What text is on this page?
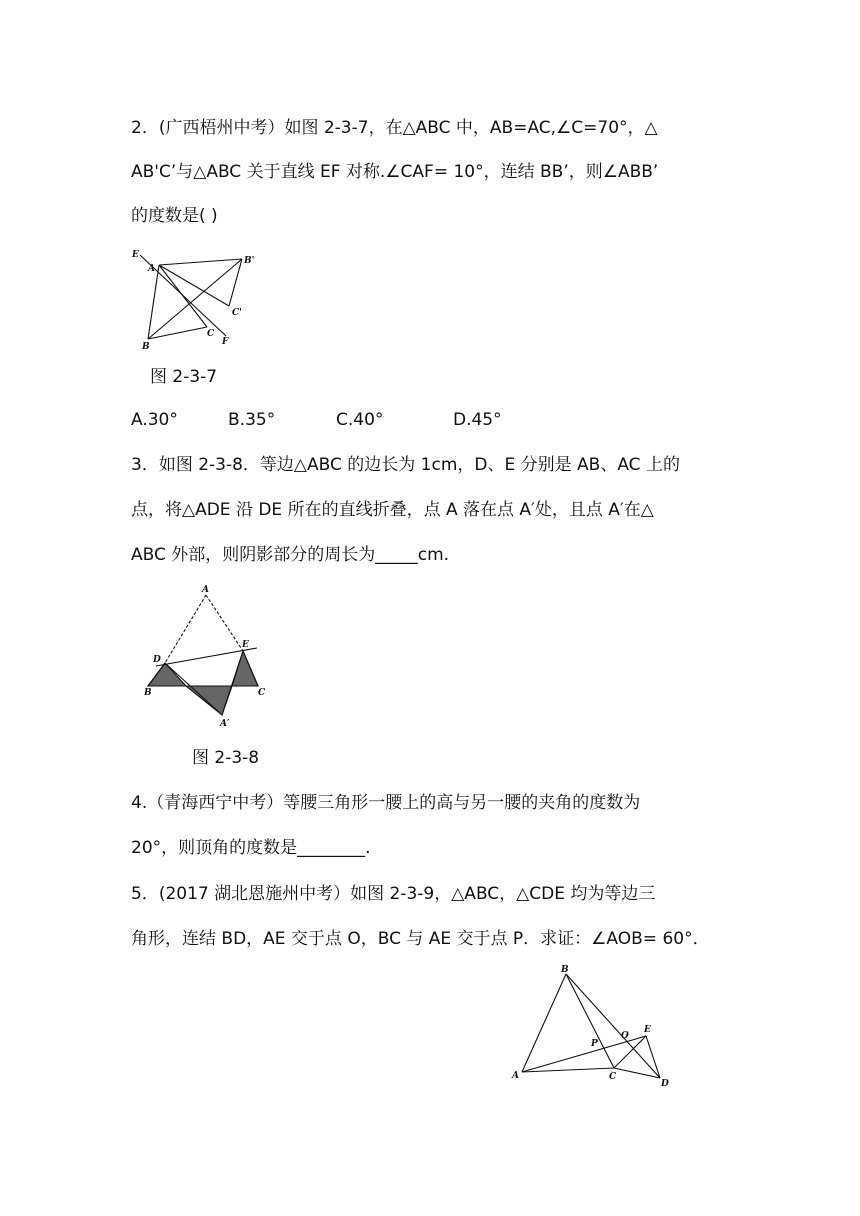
2．(广西梧州中考）如图 2-3-7，在△ABC 中，AB=AC,∠C=70°，△
AB'C’与△ABC 关于直线 EF 对称.∠CAF= 10°，连结 BB’，则∠ABB’
的度数是( )
E
A
B'
C'
B
C
F
图 2-3-7
A.30°	B.35°	C.40°	D.45°
3．如图 2-3-8．等边△ABC 的边长为 1cm，D、E 分别是 AB、AC 上的
点，将△ADE 沿 DE 所在的直线折叠，点 A 落在点 A′处，且点 A′在△
ABC 外部，则阴影部分的周长为_____cm.
A
D
E
B	C
A′
图 2-3-8
4.（青海西宁中考）等腰三角形一腰上的高与另一腰的夹角的度数为
20°，则顶角的度数是________.
5．(2017 湖北恩施州中考）如图 2-3-9，△ABC，△CDE 均为等边三
角形，连结 BD，AE 交于点 O，BC 与 AE 交于点 P．求证：∠AOB= 60°．
B
O
E
P
A	C
D
